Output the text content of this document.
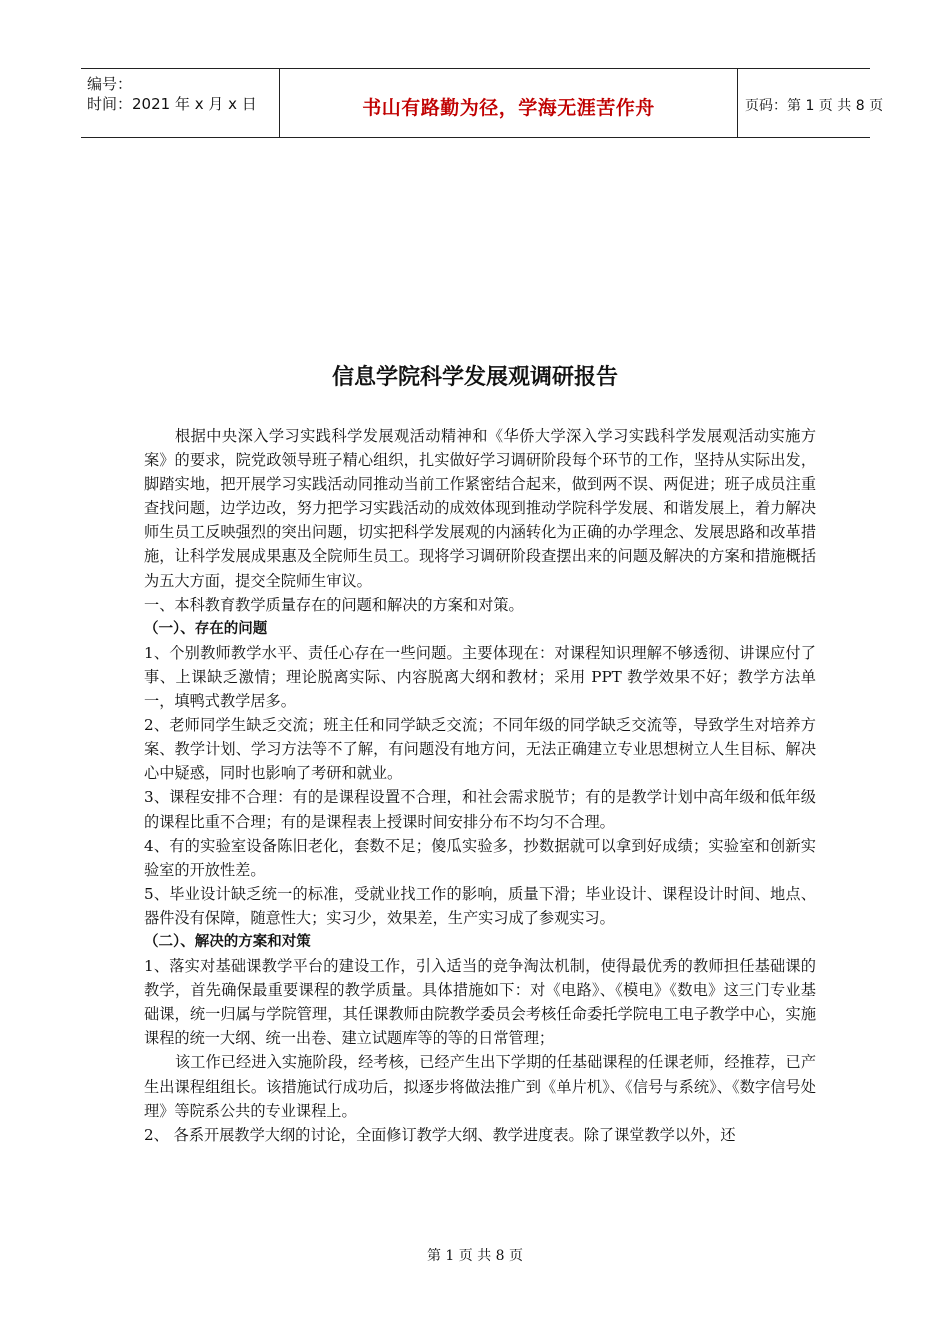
编号：
时间：2021 年 x 月 x 日	书山有路勤为径，学海无涯苦作舟	页码：第 1 页 共 8 页
信息学院科学发展观调研报告

根据中央深入学习实践科学发展观活动精神和《华侨大学深入学习实践科学发展观活动实施方案》的要求，院党政领导班子精心组织，扎实做好学习调研阶段每个环节的工作，坚持从实际出发，脚踏实地，把开展学习实践活动同推动当前工作紧密结合起来，做到两不误、两促进；班子成员注重查找问题，边学边改，努力把学习实践活动的成效体现到推动学院科学发展、和谐发展上，着力解决师生员工反映强烈的突出问题，切实把科学发展观的内涵转化为正确的办学理念、发展思路和改革措施，让科学发展成果惠及全院师生员工。现将学习调研阶段查摆出来的问题及解决的方案和措施概括为五大方面，提交全院师生审议。

一、本科教育教学质量存在的问题和解决的方案和对策。

（一）、存在的问题

1、个别教师教学水平、责任心存在一些问题。主要体现在：对课程知识理解不够透彻、讲课应付了事、上课缺乏激情；理论脱离实际、内容脱离大纲和教材；采用 PPT 教学效果不好；教学方法单一，填鸭式教学居多。

2、老师同学生缺乏交流；班主任和同学缺乏交流；不同年级的同学缺乏交流等，导致学生对培养方案、教学计划、学习方法等不了解，有问题没有地方问，无法正确建立专业思想树立人生目标、解决心中疑惑，同时也影响了考研和就业。

3、课程安排不合理：有的是课程设置不合理，和社会需求脱节；有的是教学计划中高年级和低年级的课程比重不合理；有的是课程表上授课时间安排分布不均匀不合理。

4、有的实验室设备陈旧老化，套数不足；傻瓜实验多，抄数据就可以拿到好成绩；实验室和创新实验室的开放性差。

5、毕业设计缺乏统一的标准，受就业找工作的影响，质量下滑；毕业设计、课程设计时间、地点、器件没有保障，随意性大；实习少，效果差，生产实习成了参观实习。

（二）、解决的方案和对策

1、落实对基础课教学平台的建设工作，引入适当的竞争淘汰机制，使得最优秀的教师担任基础课的教学，首先确保最重要课程的教学质量。具体措施如下：对《电路》、《模电》《数电》这三门专业基础课，统一归属与学院管理，其任课教师由院教学委员会考核任命委托学院电工电子教学中心，实施课程的统一大纲、统一出卷、建立试题库等的等的日常管理；

该工作已经进入实施阶段，经考核，已经产生出下学期的任基础课程的任课老师，经推荐，已产生出课程组组长。该措施试行成功后，拟逐步将做法推广到《单片机》、《信号与系统》、《数字信号处理》等院系公共的专业课程上。

2、 各系开展教学大纲的讨论，全面修订教学大纲、教学进度表。除了课堂教学以外，还

第 1 页 共 8 页
